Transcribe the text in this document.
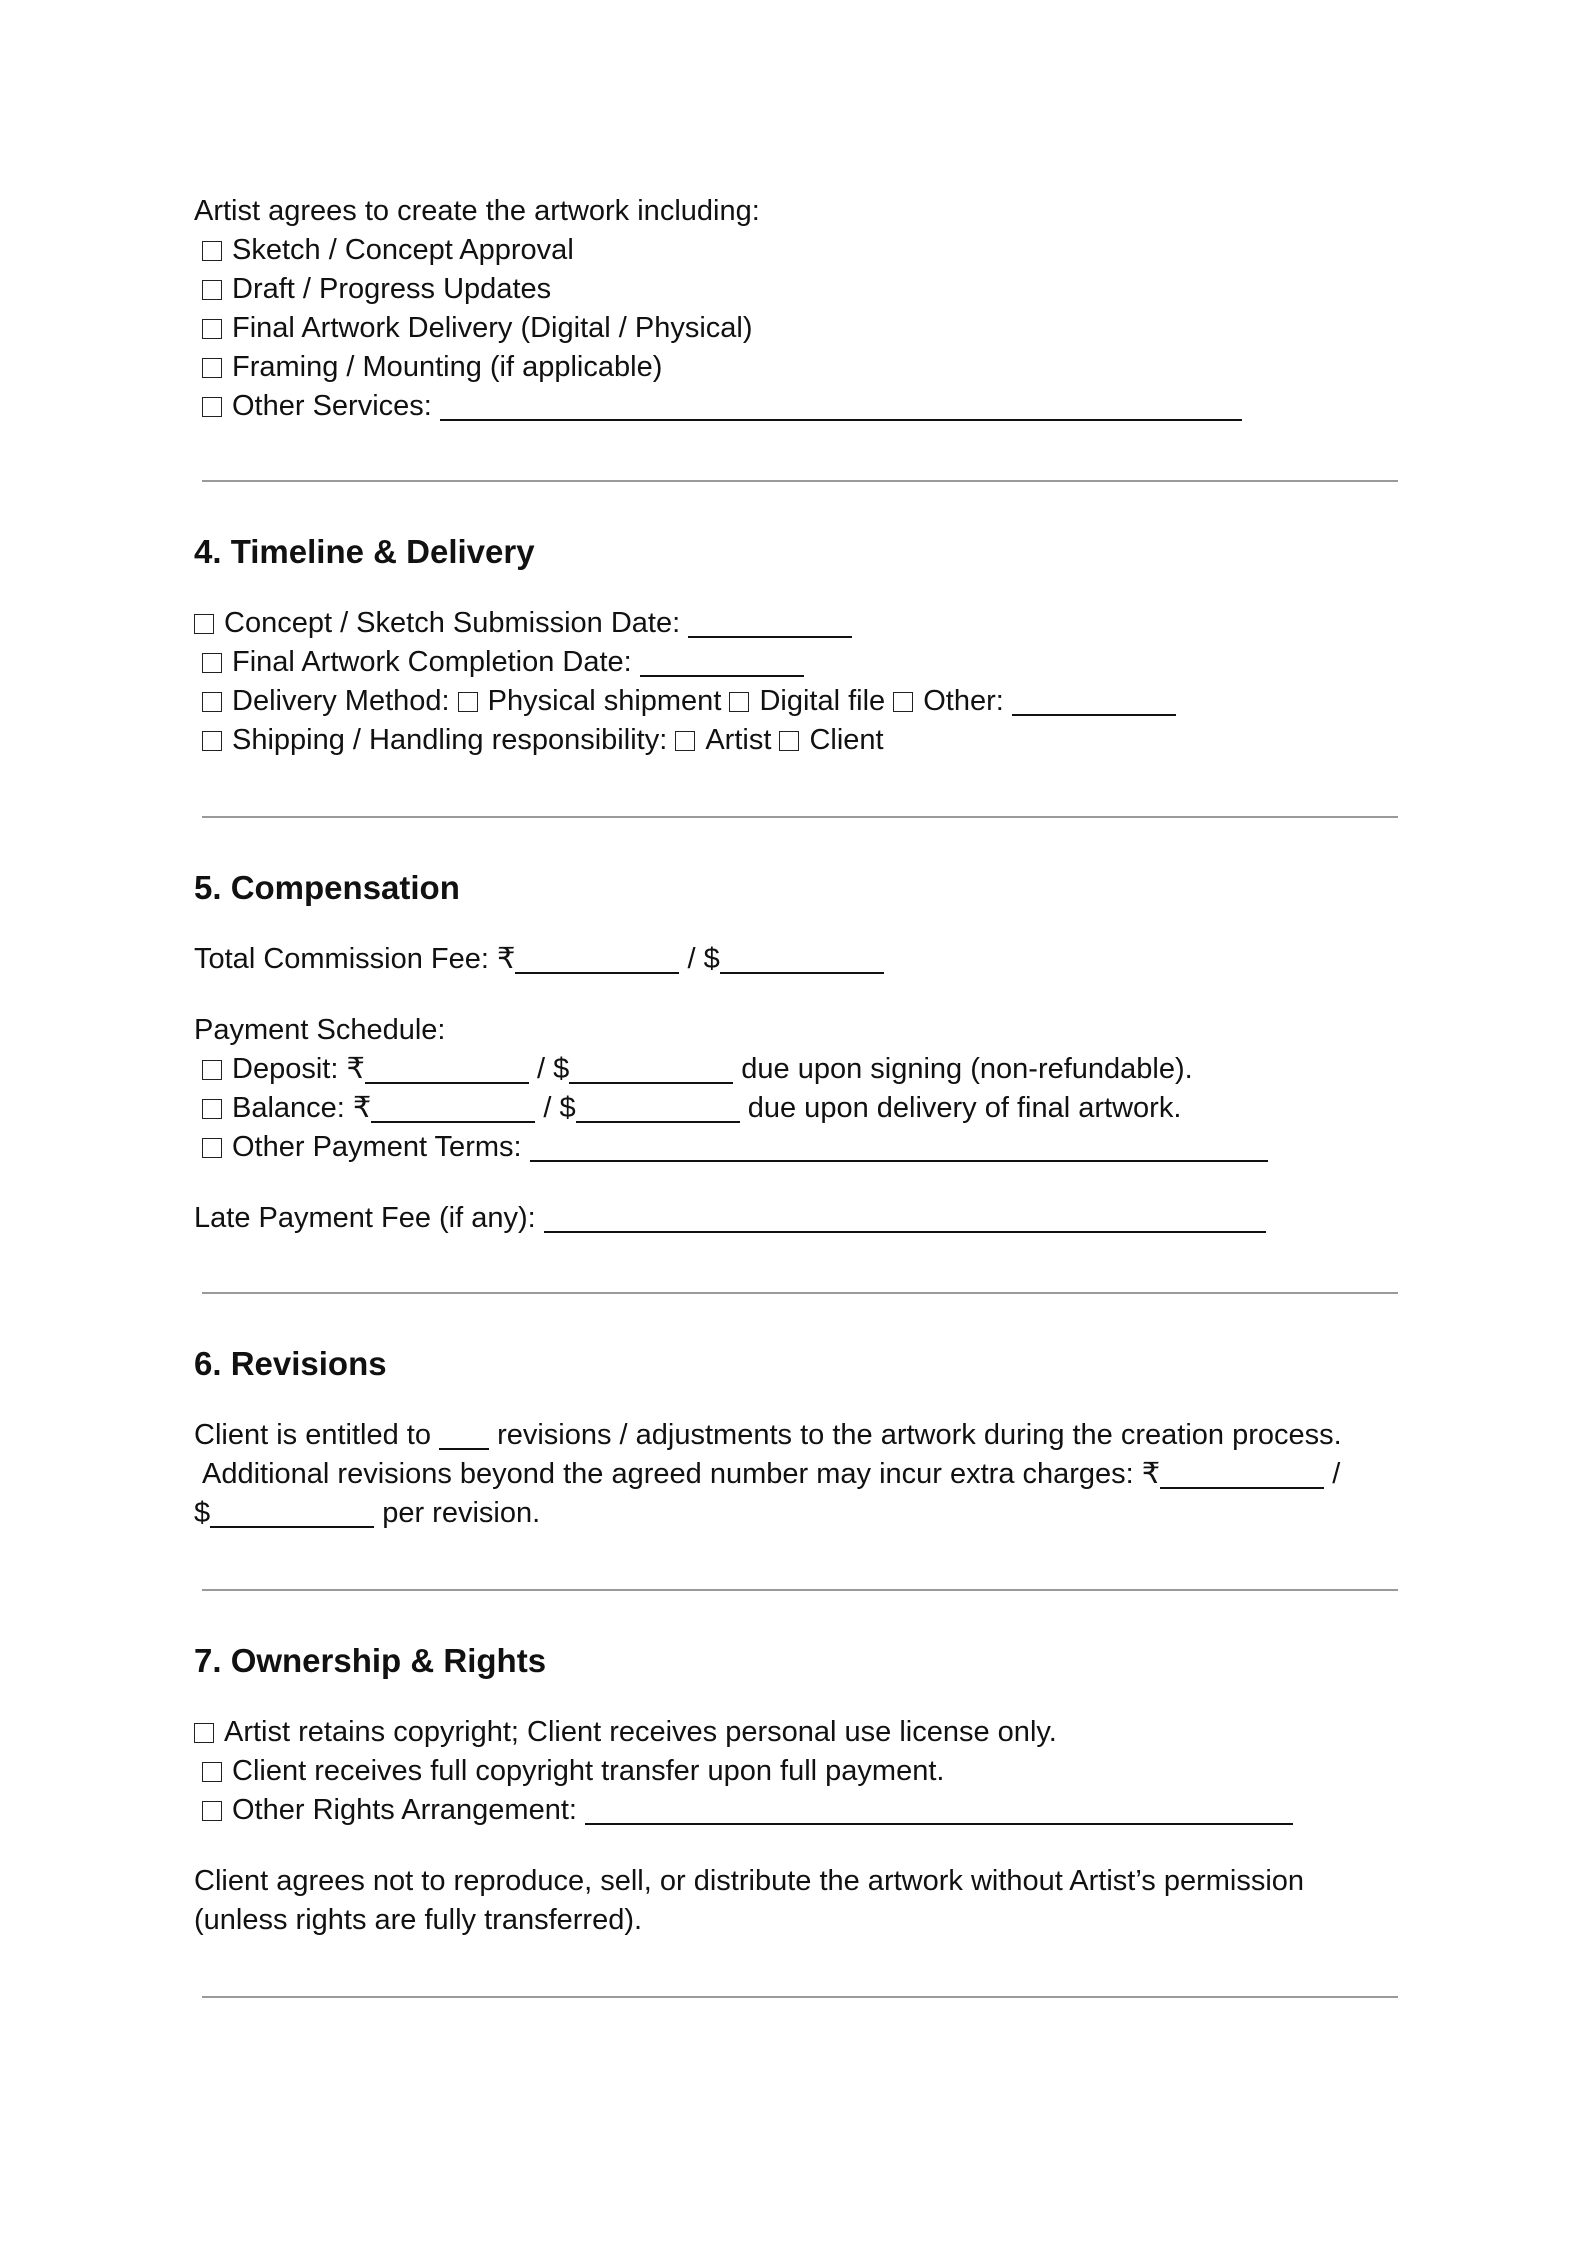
Artist agrees to create the artwork including:

Sketch / Concept Approval
Draft / Progress Updates
Final Artwork Delivery (Digital / Physical)
Framing / Mounting (if applicable)
Other Services:
4. Timeline & Delivery
Concept / Sketch Submission Date:
Final Artwork Completion Date:
Delivery Method: Physical shipment Digital file Other:
Shipping / Handling responsibility: Artist Client
5. Compensation
Total Commission Fee: ₹	/ $
Payment Schedule:
Deposit: ₹	/ $	due upon signing (non-refundable).
Balance: ₹	/ $	due upon delivery of final artwork.
Other Payment Terms:
Late Payment Fee (if any):
6. Revisions
Client is entitled to  revisions / adjustments to the artwork during the creation process.
Additional revisions beyond the agreed number may incur extra charges: ₹	/
$	per revision.
7. Ownership & Rights
Artist retains copyright; Client receives personal use license only.
Client receives full copyright transfer upon full payment.
Other Rights Arrangement:
Client agrees not to reproduce, sell, or distribute the artwork without Artist’s permission
(unless rights are fully transferred).
